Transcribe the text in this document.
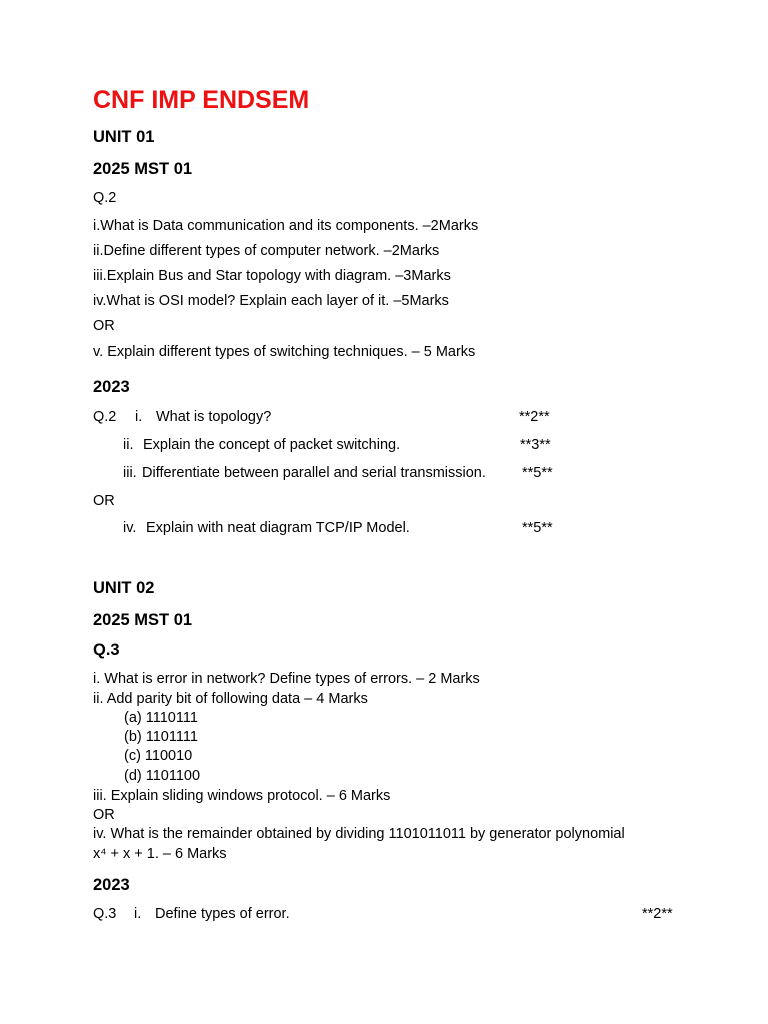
CNF IMP ENDSEM
UNIT 01
2025 MST 01
Q.2
i.What is Data communication and its components. –2Marks
ii.Define different types of computer network. –2Marks
iii.Explain Bus and Star topology with diagram. –3Marks
iv.What is OSI model? Explain each layer of it. –5Marks
OR
v. Explain different types of switching techniques. – 5 Marks
2023
Q.2 i. What is topology?	**2**
ii. Explain the concept of packet switching.	**3**
iii. Differentiate between parallel and serial transmission. **5**
OR
iv. Explain with neat diagram TCP/IP Model.	**5**
UNIT 02
2025 MST 01
Q.3
i. What is error in network? Define types of errors. – 2 Marks
ii. Add parity bit of following data – 4 Marks
(a) 1110111
(b) 1101111
(c) 110010
(d) 1101100
iii. Explain sliding windows protocol. – 6 Marks
OR
iv. What is the remainder obtained by dividing 1101011011 by generator polynomial
x⁴ + x + 1. – 6 Marks
2023
Q.3 i. Define types of error.	**2**
